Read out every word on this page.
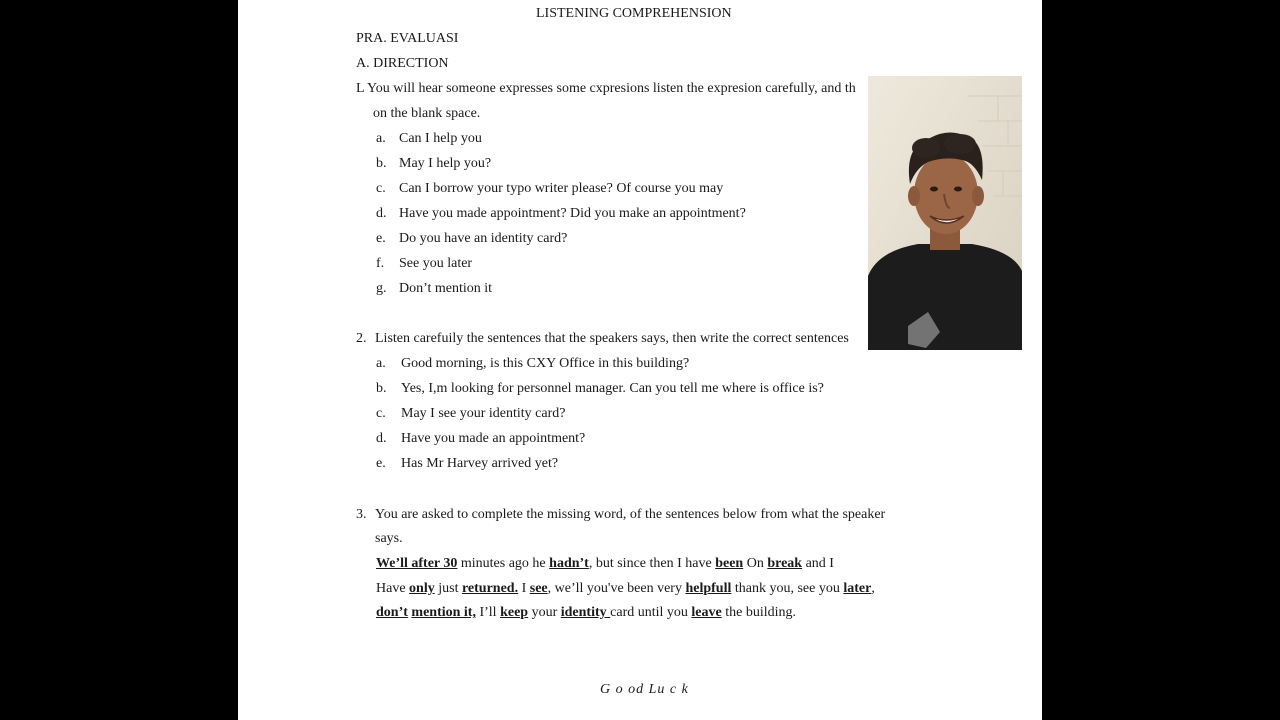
LISTENING COMPREHENSION
PRA. EVALUASI
A. DIRECTION
L You will hear someone expresses some cxpresions listen the expresion carefully, and th
on the blank space.
a. Can I help you
b. May I help you?
c. Can I borrow your typo writer please? Of course you may
d. Have you made appointment? Did you make an appointment?
e. Do you have an identity card?
f. See you later
g. Don’t mention it
2. Listen carefuily the sentences that the speakers says, then write the correct sentences
a. Good morning, is this CXY Office in this building?
b. Yes, I,m looking for personnel manager. Can you tell me where is office is?
c. May I see your identity card?
d. Have you made an appointment?
e. Has Mr Harvey arrived yet?
3. You are asked to complete the missing word, of the sentences below from what the speaker
says.
We’ll after 30 minutes ago he hadn’t, but since then I have been On break and I
Have only just returned. I see, we’ll you've been very helpfull thank you, see you later,
don’t mention it, I’ll keep your identity card until you leave the building.
G o od Lu c k
